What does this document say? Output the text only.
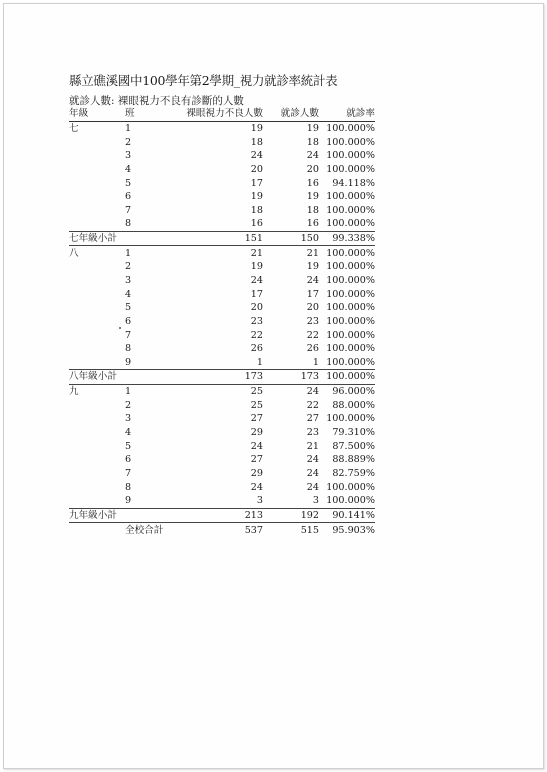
縣立礁溪國中100學年第2學期_視力就診率統計表
就診人數: 裸眼視力不良有診斷的人數
年級	班	裸眼視力不良人數	就診人數	就診率
七	1	19	19	100.000%
	2	18	18	100.000%
	3	24	24	100.000%
	4	20	20	100.000%
	5	17	16	94.118%
	6	19	19	100.000%
	7	18	18	100.000%
	8	16	16	100.000%
七年級小計		151	150	99.338%
八	1	21	21	100.000%
	2	19	19	100.000%
	3	24	24	100.000%
	4	17	17	100.000%
	5	20	20	100.000%
	6	23	23	100.000%
	7	22	22	100.000%
	8	26	26	100.000%
	9	1	1	100.000%
八年級小計		173	173	100.000%
九	1	25	24	96.000%
	2	25	22	88.000%
	3	27	27	100.000%
	4	29	23	79.310%
	5	24	21	87.500%
	6	27	24	88.889%
	7	29	24	82.759%
	8	24	24	100.000%
	9	3	3	100.000%
九年級小計		213	192	90.141%
	全校合計	537	515	95.903%
